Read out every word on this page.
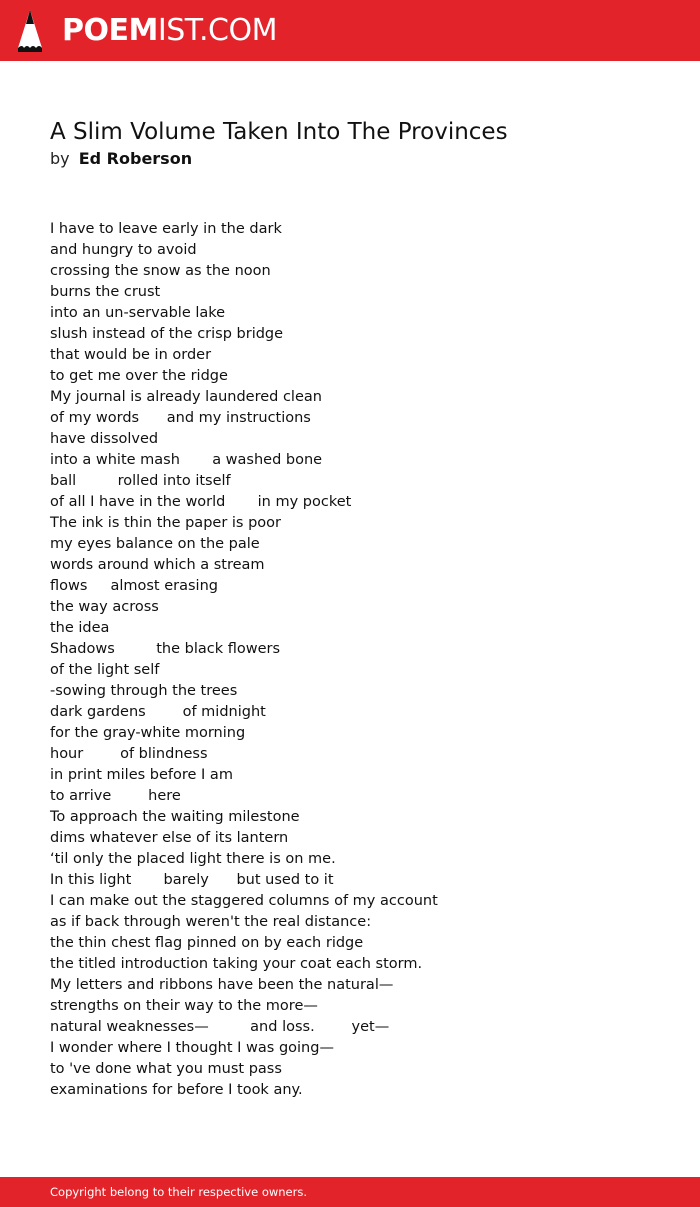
POEMIST.COM
A Slim Volume Taken Into The Provinces
by Ed Roberson
I have to leave early in the dark
and hungry to avoid
crossing the snow as the noon
burns the crust
into an un-servable lake
slush instead of the crisp bridge
that would be in order
to get me over the ridge
My journal is already laundered clean
of my words      and my instructions
have dissolved
into a white mash       a washed bone
ball         rolled into itself
of all I have in the world       in my pocket
The ink is thin the paper is poor
my eyes balance on the pale
words around which a stream
flows     almost erasing
the way across
the idea
Shadows         the black flowers
of the light self
-sowing through the trees
dark gardens        of midnight
for the gray-white morning
hour        of blindness
in print miles before I am
to arrive        here
To approach the waiting milestone
dims whatever else of its lantern
‘til only the placed light there is on me.
In this light       barely      but used to it
I can make out the staggered columns of my account
as if back through weren't the real distance:
the thin chest flag pinned on by each ridge
the titled introduction taking your coat each storm.
My letters and ribbons have been the natural—
strengths on their way to the more—
natural weaknesses—         and loss.        yet—
I wonder where I thought I was going—
to 've done what you must pass
examinations for before I took any.
Copyright belong to their respective owners.
